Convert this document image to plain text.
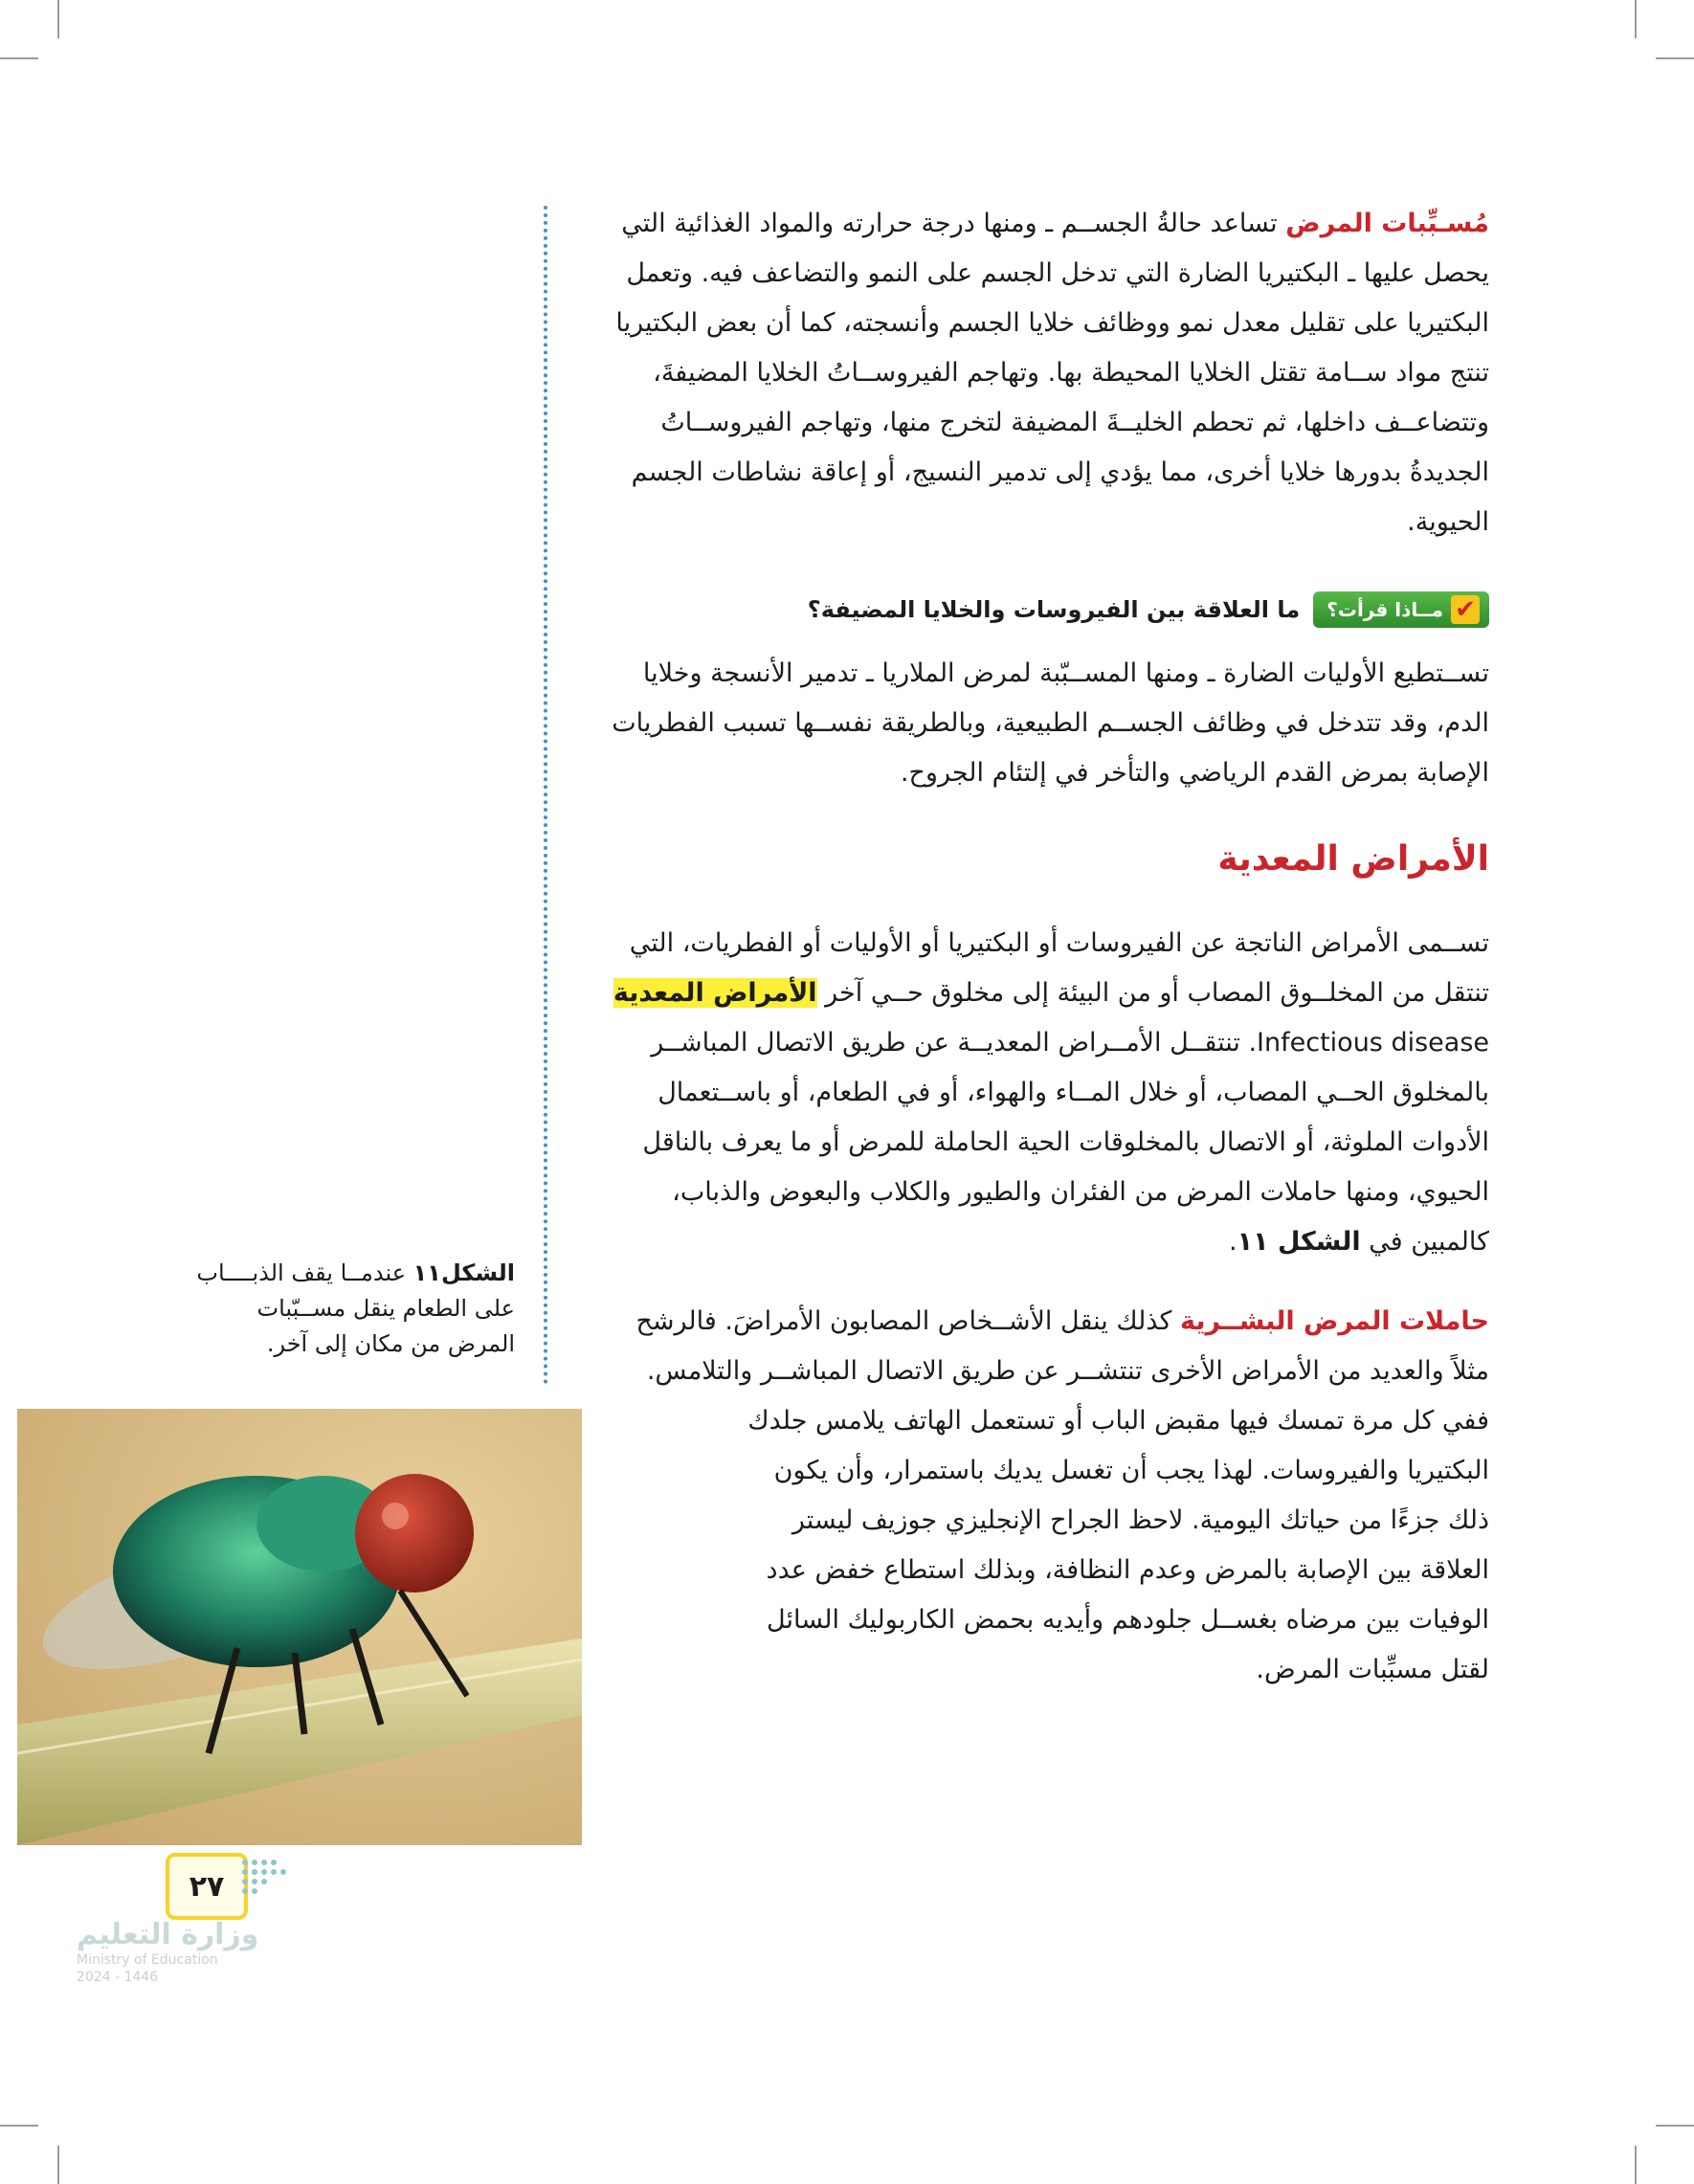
مُسـبِّبات المرض تساعد حالةُ الجســم ـ ومنها درجة حرارته والمواد الغذائية التي

يحصل عليها ـ البكتيريا الضارة التي تدخل الجسم على النمو والتضاعف فيه. وتعمل

البكتيريا على تقليل معدل نمو ووظائف خلايا الجسم وأنسجته، كما أن بعض البكتيريا

تنتج مواد ســامة تقتل الخلايا المحيطة بها. وتهاجم الفيروســاتُ الخلايا المضيفةَ،

وتتضاعــف داخلها، ثم تحطم الخليــةَ المضيفة لتخرج منها، وتهاجم الفيروســاتُ

الجديدةُ بدورها خلايا أخرى، مما يؤدي إلى تدمير النسيج، أو إعاقة نشاطات الجسم

الحيوية.

✔
مــاذا قرأت؟
ما العلاقة بين الفيروسات والخلايا المضيفة؟

تســتطيع الأوليات الضارة ـ ومنها المســبّبة لمرض الملاريا ـ تدمير الأنسجة وخلايا

الدم، وقد تتدخل في وظائف الجســم الطبيعية، وبالطريقة نفســها تسبب الفطريات

الإصابة بمرض القدم الرياضي والتأخر في إلتئام الجروح.

الأمراض المعدية

تســمى الأمراض الناتجة عن الفيروسات أو البكتيريا أو الأوليات أو الفطريات، التي

تنتقل من المخلــوق المصاب أو من البيئة إلى مخلوق حــي آخر الأمراض المعدية

Infectious disease. تنتقــل الأمــراض المعديــة عن طريق الاتصال المباشــر

بالمخلوق الحــي المصاب، أو خلال المــاء والهواء، أو في الطعام، أو باســتعمال

الأدوات الملوثة، أو الاتصال بالمخلوقات الحية الحاملة للمرض أو ما يعرف بالناقل

الحيوي، ومنها حاملات المرض من الفئران والطيور والكلاب والبعوض والذباب،

كالمبين في الشكل ١١.

حاملات المرض البشــرية كذلك ينقل الأشــخاص المصابون الأمراضَ. فالرشح

مثلاً والعديد من الأمراض الأخرى تنتشــر عن طريق الاتصال المباشــر والتلامس.

ففي كل مرة تمسك فيها مقبض الباب أو تستعمل الهاتف يلامس جلدك

البكتيريا والفيروسات. لهذا يجب أن تغسل يديك باستمرار، وأن يكون

ذلك جزءًا من حياتك اليومية. لاحظ الجراح الإنجليزي جوزيف ليستر

العلاقة بين الإصابة بالمرض وعدم النظافة، وبذلك استطاع خفض عدد

الوفيات بين مرضاه بغســل جلودهم وأيديه بحمض الكاربوليك السائل

لقتل مسبِّبات المرض.

الشكل١١ عندمــا يقف الذبــــاب
على الطعام ينقل مســبّبات
المرض من مكان إلى آخر.
٢٧
وزارة التعليم
Ministry of Education
2024 - 1446
